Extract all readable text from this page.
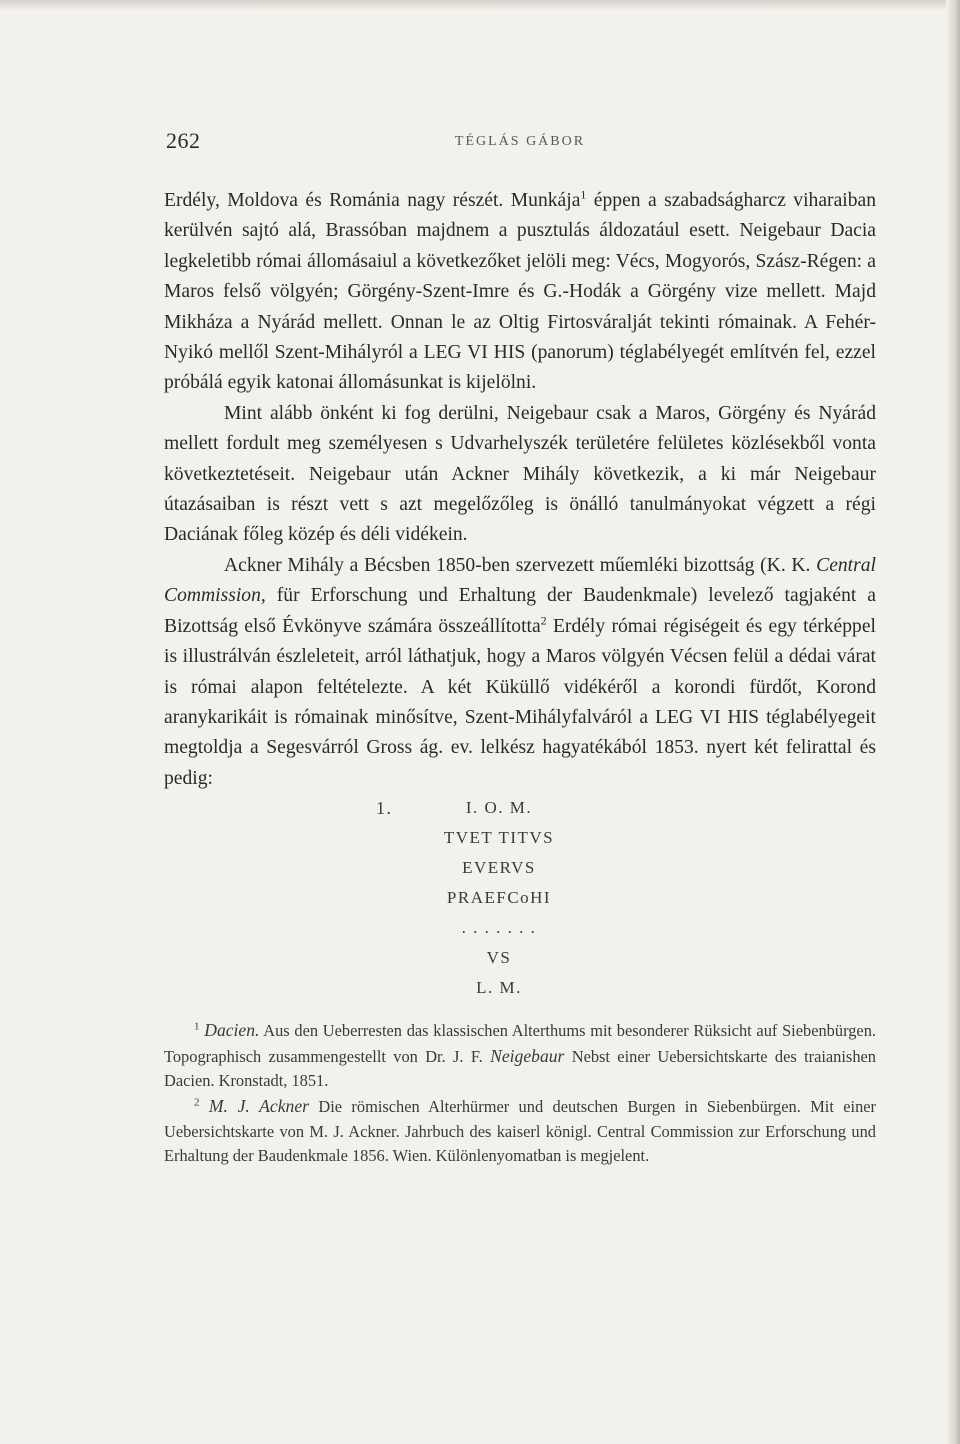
262	TÉGLÁS GÁBOR

Erdély, Moldova és Románia nagy részét. Munkája$^1$ éppen a szabadságharcz viharaiban kerülvén sajtó alá, Brassóban majdnem a pusztulás áldozatául esett. Neigebaur Dacia legkeletibb római állomásaiul a következőket jelöli meg: Vécs, Mogyorós, Szász-Régen: a Maros felső völgyén; Görgény-Szent-Imre és G.-Hodák a Görgény vize mellett. Majd Mikháza a Nyárád mellett. Onnan le az Oltig Firtosváralját tekinti rómainak. A Fehér-Nyikó mellől Szent-Mihályról a LEG VI HIS (panorum) téglabélyegét említvén fel, ezzel próbálá egyik katonai állomásunkat is kijelölni.

Mint alább önként ki fog derülni, Neigebaur csak a Maros, Görgény és Nyárád mellett fordult meg személyesen s Udvarhelyszék területére felületes közlésekből vonta következtetéseit. Neigebaur után Ackner Mihály következik, a ki már Neigebaur útazásaiban is részt vett s azt megelőzőleg is önálló tanulmányokat végzett a régi Daciának főleg közép és déli vidékein.

Ackner Mihály a Bécsben 1850-ben szervezett műemléki bizottság (K. K. Central Commission, für Erforschung und Erhaltung der Baudenkmale) levelező tagjaként a Bizottság első Évkönyve számára összeállította$^2$ Erdély római régiségeit és egy térképpel is illustrálván észleleteit, arról láthatjuk, hogy a Maros völgyén Vécsen felül a dédai várat is római alapon feltételezte. A két Küküllő vidékéről a korondi fürdőt, Korond aranykarikáit is rómainak minősítve, Szent-Mihályfalváról a LEG VI HIS téglabélyegeit megtoldja a Segesvárról Gross ág. ev. lelkész hagyatékából 1853. nyert két felirattal és pedig:

1.	I. O. M.
TVET TITVS
EVERVS
PRAEFCoHI
. . . . . . .
VS
L. M.

$^1$ Dacien. Aus den Ueberresten das klassischen Alterthums mit besonderer Rüksicht auf Siebenbürgen. Topographisch zusammengestellt von Dr. J. F. Neigebaur Nebst einer Uebersichtskarte des traianishen Dacien. Kronstadt, 1851.

$^2$ M. J. Ackner Die römischen Alterhürmer und deutschen Burgen in Siebenbürgen. Mit einer Uebersichtskarte von M. J. Ackner. Jahrbuch des kaiserl königl. Central Commission zur Erforschung und Erhaltung der Baudenkmale 1856. Wien. Különlenyomatban is megjelent.
